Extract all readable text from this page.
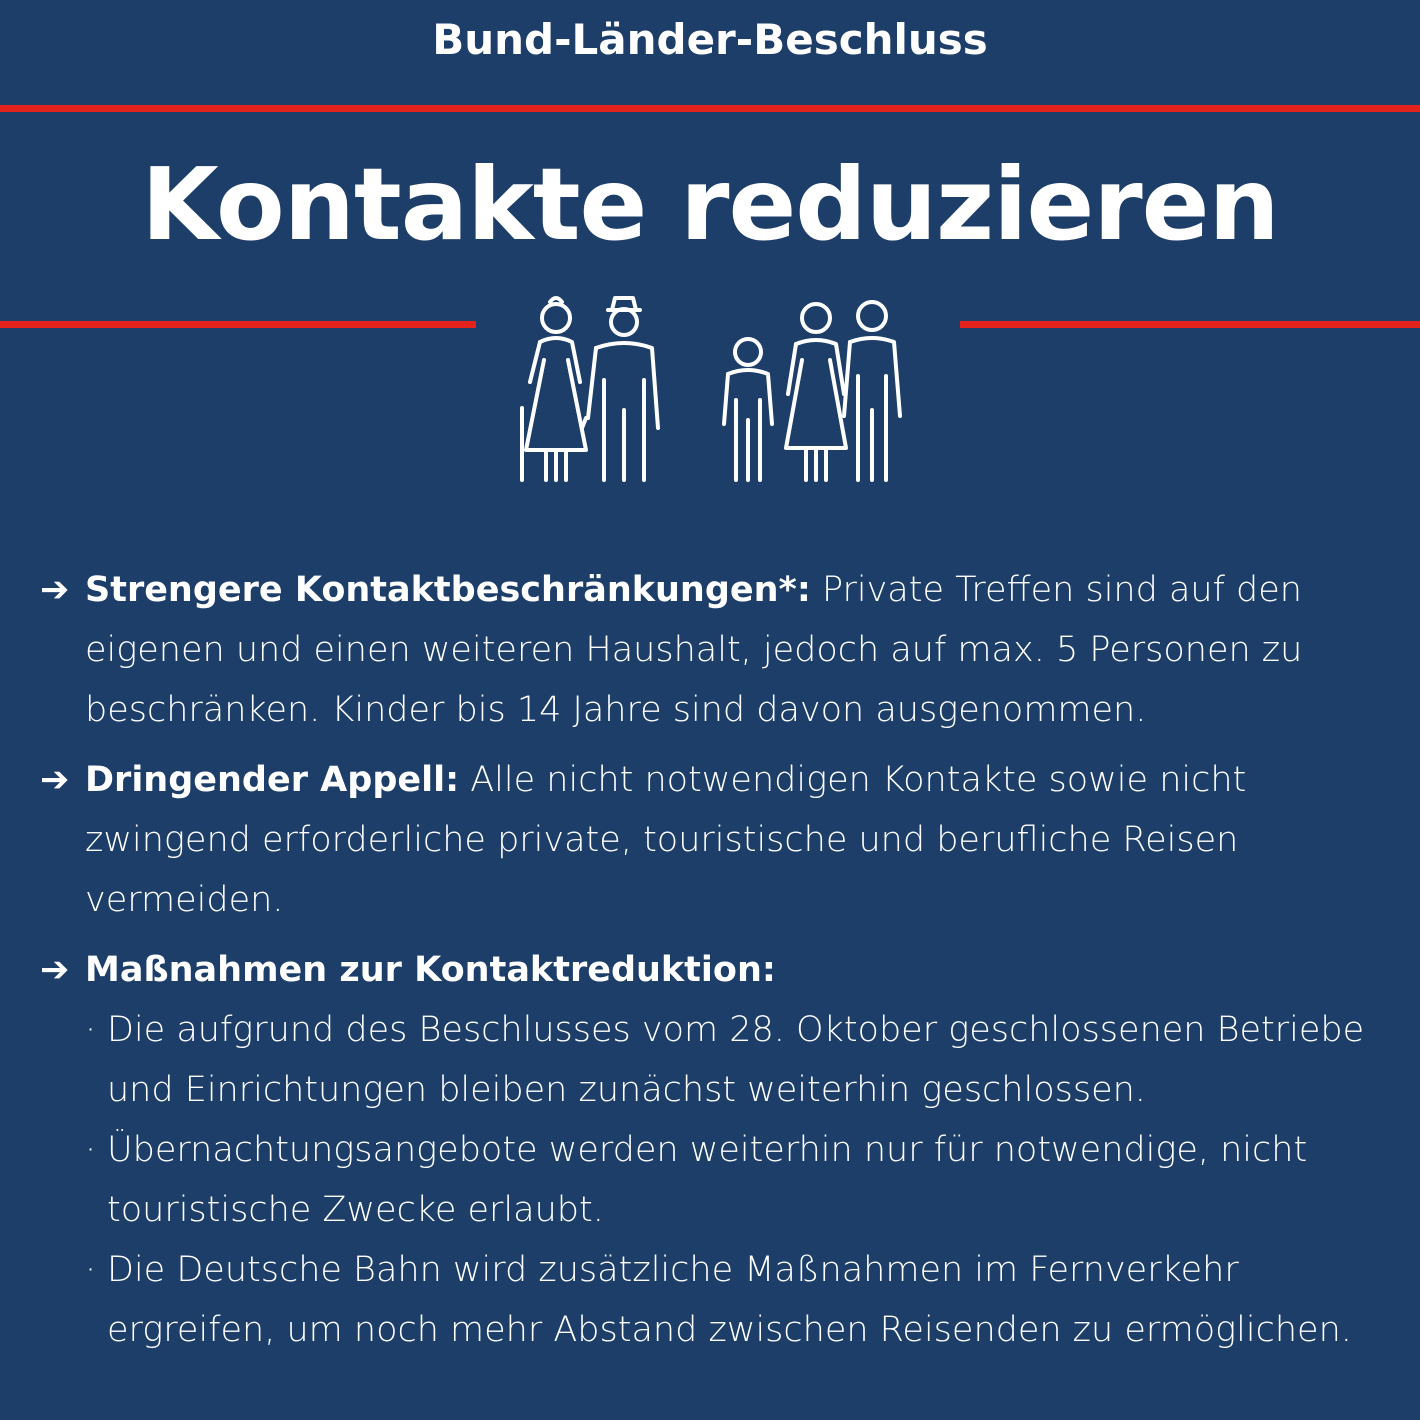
Bund-Länder-Beschluss
Kontakte reduzieren
➔ Strengere Kontaktbeschränkungen*: Private Treffen sind auf den eigenen und einen weiteren Haushalt, jedoch auf max. 5 Personen zu beschränken. Kinder bis 14 Jahre sind davon ausgenommen.
➔ Dringender Appell: Alle nicht notwendigen Kontakte sowie nicht zwingend erforderliche private, touristische und berufliche Reisen vermeiden.
➔ Maßnahmen zur Kontaktreduktion:
· Die aufgrund des Beschlusses vom 28. Oktober geschlossenen Betriebe und Einrichtungen bleiben zunächst weiterhin geschlossen.
· Übernachtungsangebote werden weiterhin nur für notwendige, nicht touristische Zwecke erlaubt.
· Die Deutsche Bahn wird zusätzliche Maßnahmen im Fernverkehr ergreifen, um noch mehr Abstand zwischen Reisenden zu ermöglichen.
